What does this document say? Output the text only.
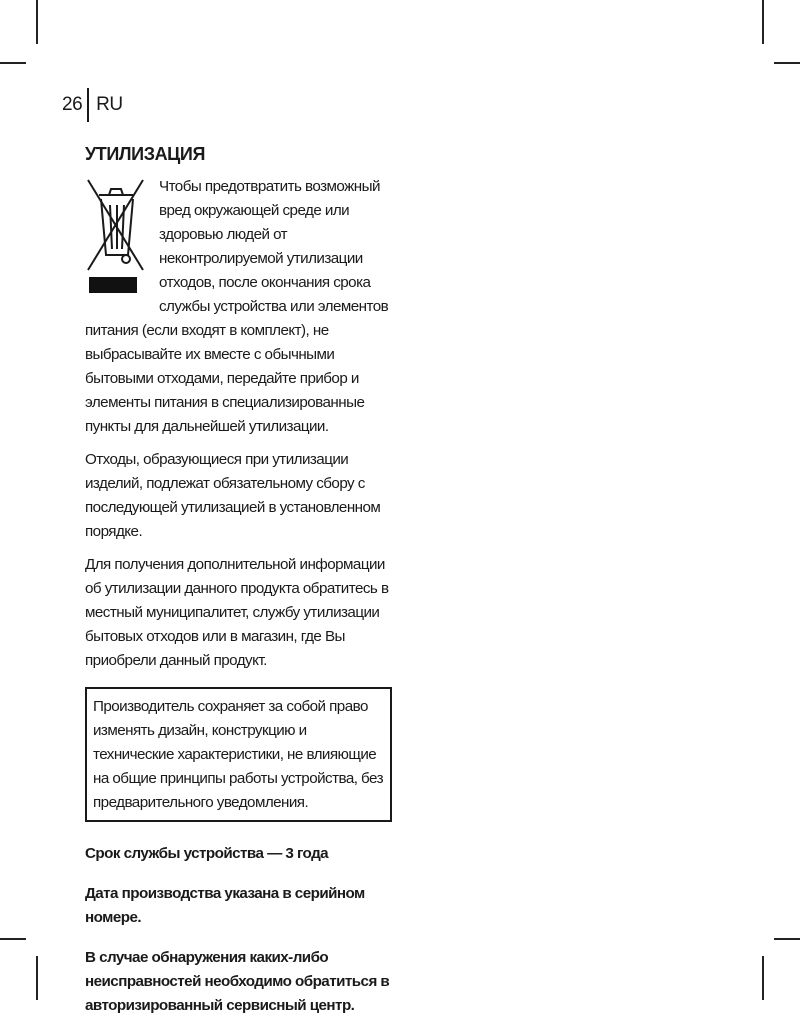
26 RU
УТИЛИЗАЦИЯ

Чтобы предотвратить возможный вред окружающей среде или здоровью людей от неконтролируемой утилизации отходов, после окончания срока службы устройства или элементов питания (если входят в комплект), не выбрасывайте их вместе с обычными бытовыми отходами, передайте прибор и элементы питания в специализированные пункты для дальнейшей утилизации.

Отходы, образующиеся при утилизации изделий, подлежат обязательному сбору с последующей утилизацией в установленном порядке.

Для получения дополнительной информации об утилизации данного продукта обратитесь в местный муниципалитет, службу утилизации бытовых отходов или в магазин, где Вы приобрели данный продукт.

Производитель сохраняет за собой право изменять дизайн, конструкцию и технические характеристики, не влияющие на общие принципы работы устройства, без предварительного уведомления.

Срок службы устройства — 3 года

Дата производства указана в серийном номере.

В случае обнаружения каких-либо неисправностей необходимо обратиться в авторизированный сервисный центр.
